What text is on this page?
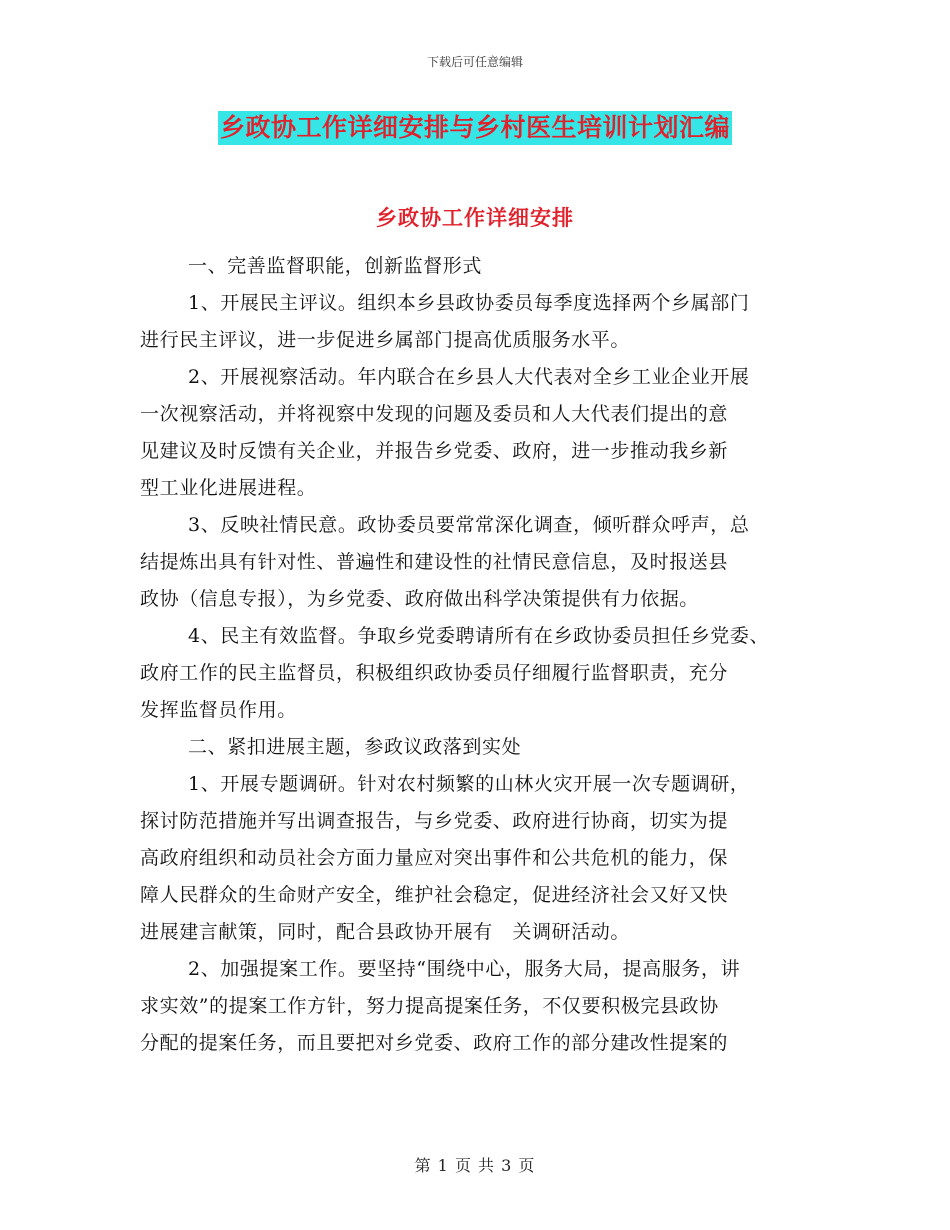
下载后可任意编辑
乡政协工作详细安排与乡村医生培训计划汇编
乡政协工作详细安排
一、完善监督职能，创新监督形式
1、开展民主评议。组织本乡县政协委员每季度选择两个乡属部门
进行民主评议，进一步促进乡属部门提高优质服务水平。
2、开展视察活动。年内联合在乡县人大代表对全乡工业企业开展
一次视察活动，并将视察中发现的问题及委员和人大代表们提出的意
见建议及时反馈有关企业，并报告乡党委、政府，进一步推动我乡新
型工业化进展进程。
3、反映社情民意。政协委员要常常深化调查，倾听群众呼声，总
结提炼出具有针对性、普遍性和建设性的社情民意信息，及时报送县
政协（信息专报），为乡党委、政府做出科学决策提供有力依据。
4、民主有效监督。争取乡党委聘请所有在乡政协委员担任乡党委、
政府工作的民主监督员，积极组织政协委员仔细履行监督职责，充分
发挥监督员作用。
二、紧扣进展主题，参政议政落到实处
1、开展专题调研。针对农村频繁的山林火灾开展一次专题调研，
探讨防范措施并写出调查报告，与乡党委、政府进行协商，切实为提
高政府组织和动员社会方面力量应对突出事件和公共危机的能力，保
障人民群众的生命财产安全，维护社会稳定，促进经济社会又好又快
进展建言献策，同时，配合县政协开展有　关调研活动。
2、加强提案工作。要坚持“围绕中心，服务大局，提高服务，讲
求实效”的提案工作方针，努力提高提案任务，不仅要积极完县政协
分配的提案任务，而且要把对乡党委、政府工作的部分建改性提案的
第 1 页 共 3 页
